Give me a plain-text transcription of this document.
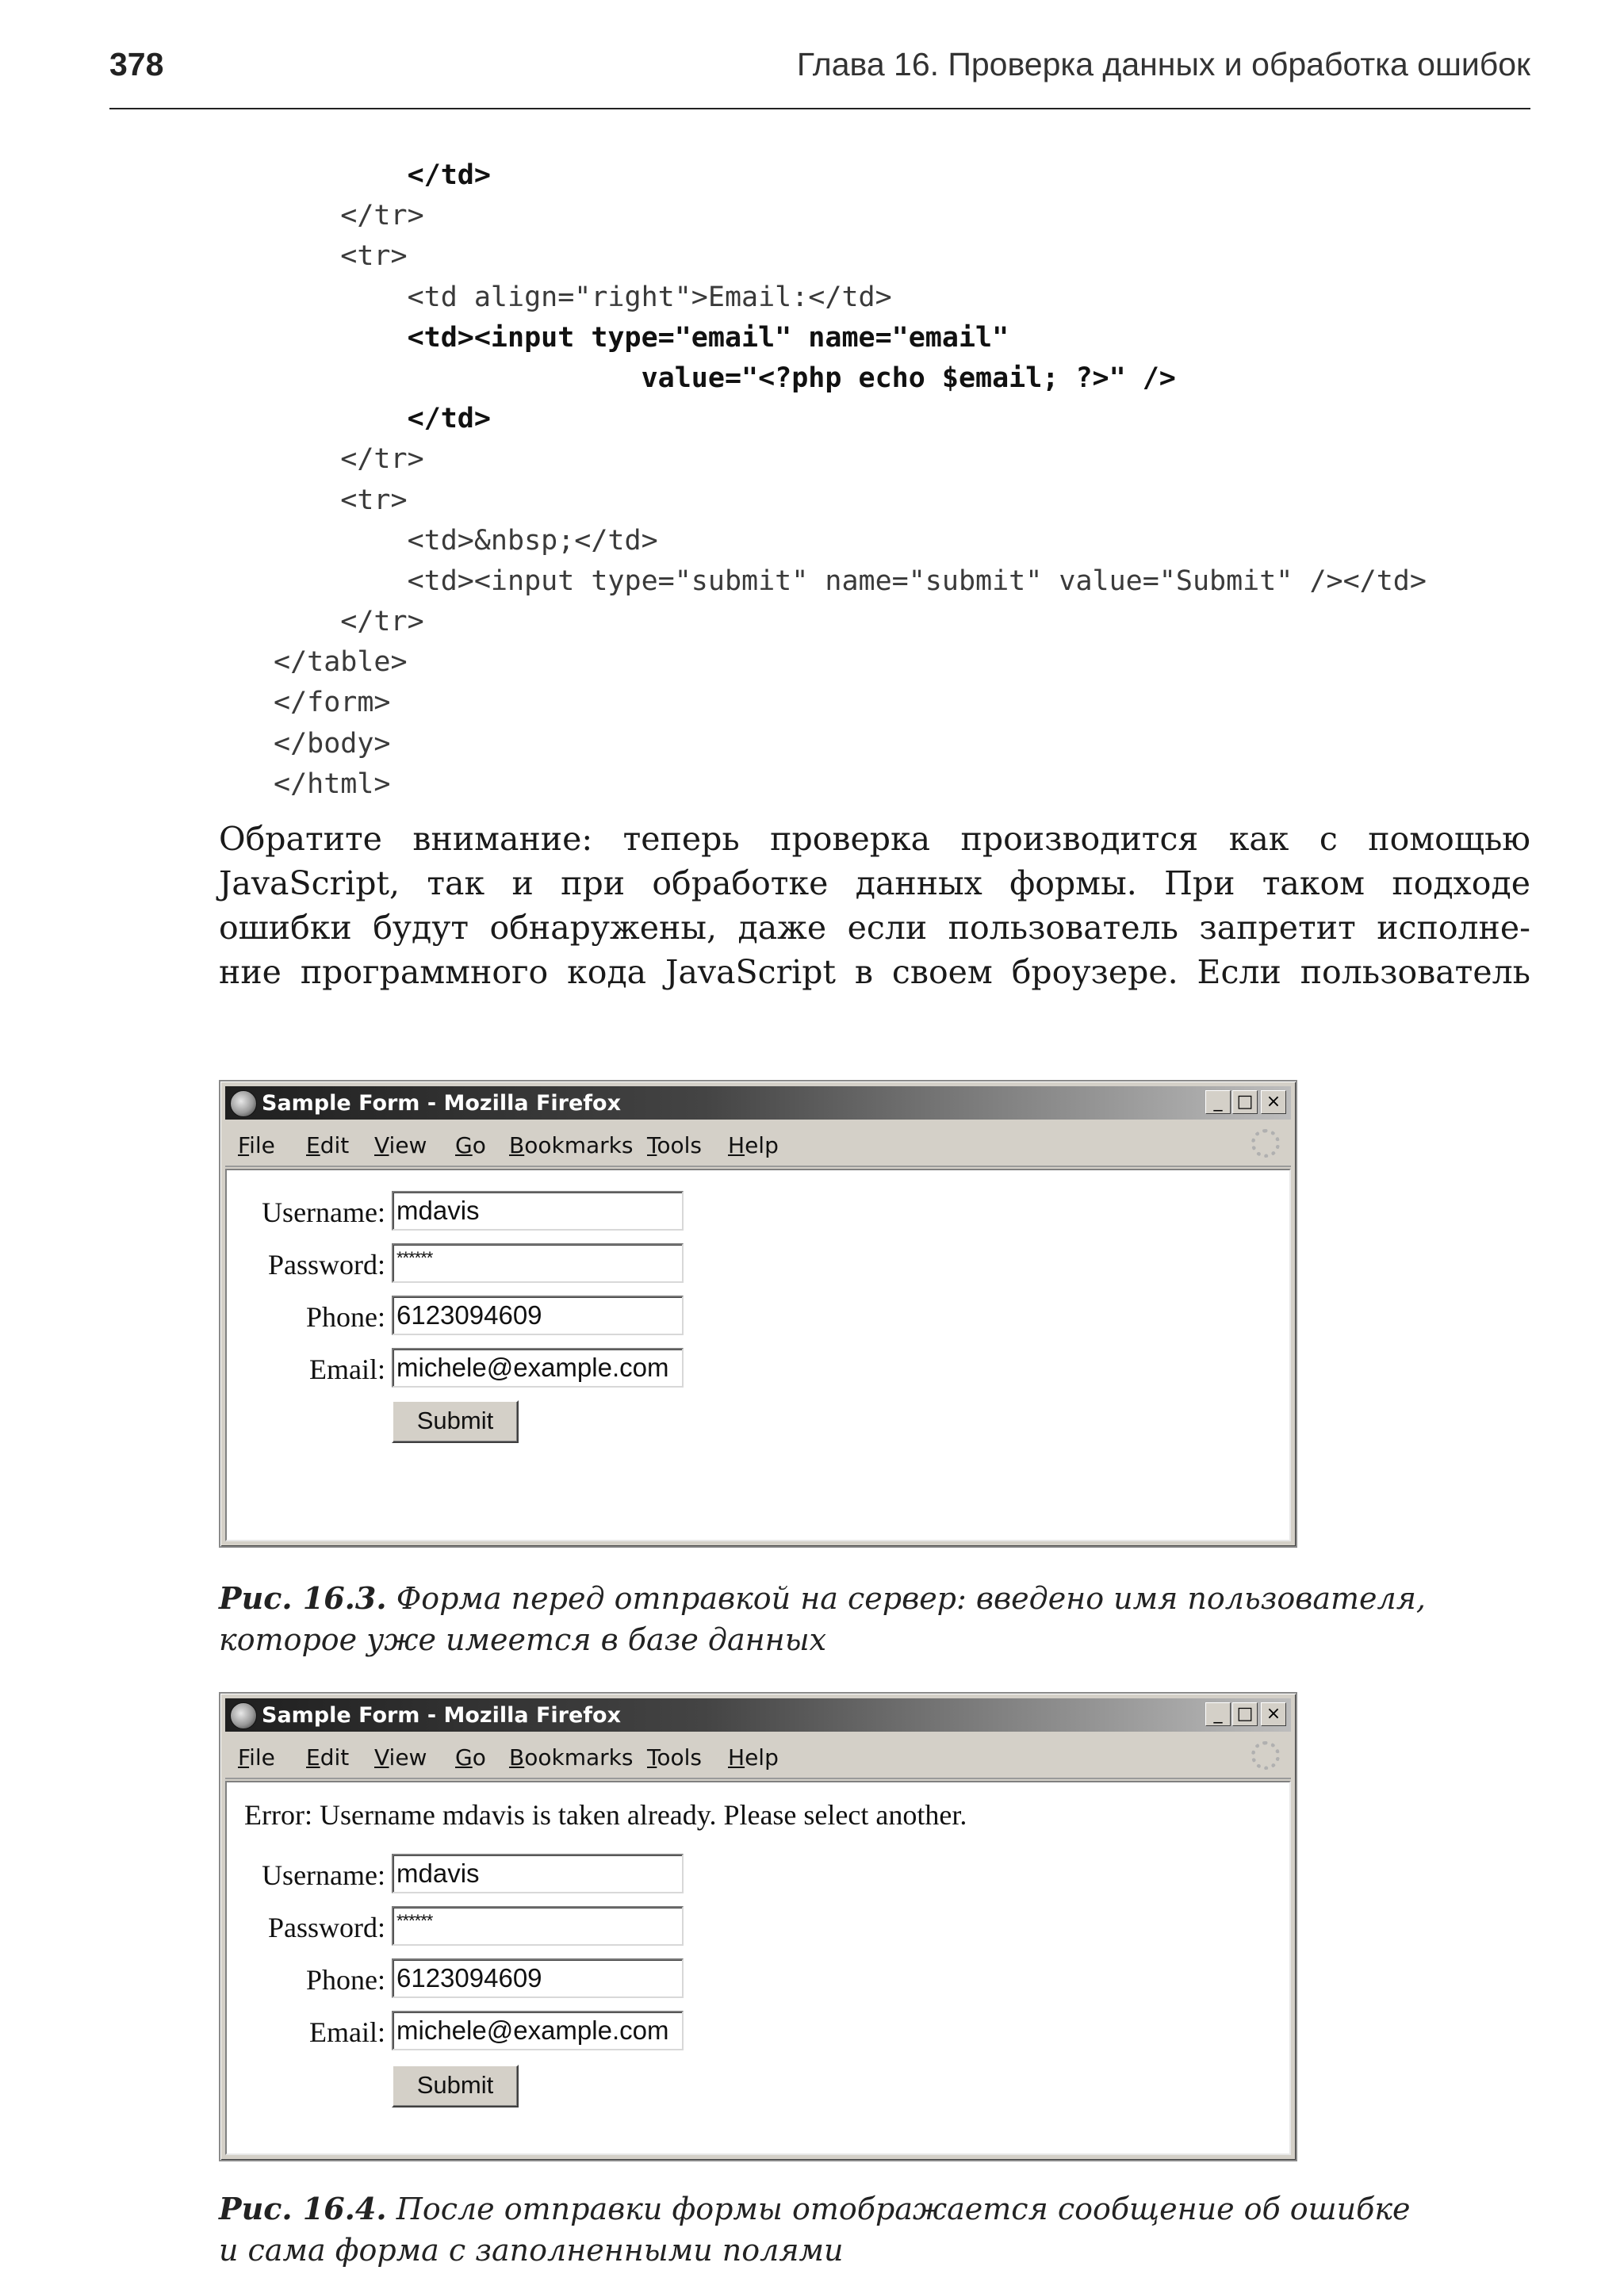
378	Глава 16. Проверка данных и обработка ошибок
</td>
</tr>
<tr>
<td align="right">Email:</td>
<td><input type="email" name="email"
value="<?php echo $email; ?>" />
</td>
</tr>
<tr>
<td>&nbsp;</td>
<td><input type="submit" name="submit" value="Submit" /></td>
</tr>
</table>
</form>
</body>
</html>
Обратите внимание: теперь проверка производится как с помощью
JavaScript, так и при обработке данных формы. При таком подходе
ошибки будут обнаружены, даже если пользователь запретит исполне-
ние программного кода JavaScript в своем броузере. Если пользователь
Sample Form - Mozilla Firefox	_ □ ×
File Edit View Go Bookmarks Tools Help
Username: mdavis
Password: ******
Phone: 6123094609
Email: michele@example.com
Submit

Рис. 16.3. Форма перед отправкой на сервер: введено имя пользователя,
которое уже имеется в базе данных

Sample Form - Mozilla Firefox	_ □ ×
File Edit View Go Bookmarks Tools Help
Error: Username mdavis is taken already. Please select another.
Username: mdavis
Password: ******
Phone: 6123094609
Email: michele@example.com
Submit

Рис. 16.4. После отправки формы отображается сообщение об ошибке
и сама форма с заполненными полями
